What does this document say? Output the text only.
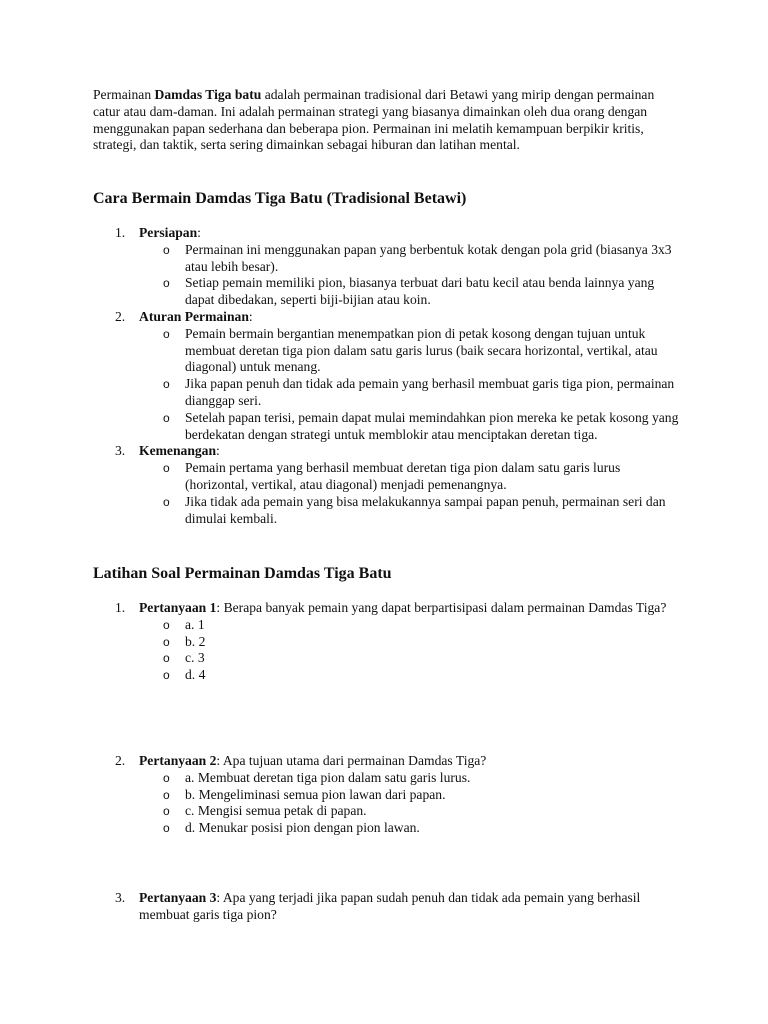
Permainan Damdas Tiga batu adalah permainan tradisional dari Betawi yang mirip dengan permainan catur atau dam-daman. Ini adalah permainan strategi yang biasanya dimainkan oleh dua orang dengan menggunakan papan sederhana dan beberapa pion. Permainan ini melatih kemampuan berpikir kritis, strategi, dan taktik, serta sering dimainkan sebagai hiburan dan latihan mental.

Cara Bermain Damdas Tiga Batu (Tradisional Betawi)
1. Persiapan:
o Permainan ini menggunakan papan yang berbentuk kotak dengan pola grid (biasanya 3x3 atau lebih besar).
o Setiap pemain memiliki pion, biasanya terbuat dari batu kecil atau benda lainnya yang dapat dibedakan, seperti biji-bijian atau koin.
2. Aturan Permainan:
o Pemain bermain bergantian menempatkan pion di petak kosong dengan tujuan untuk membuat deretan tiga pion dalam satu garis lurus (baik secara horizontal, vertikal, atau diagonal) untuk menang.
o Jika papan penuh dan tidak ada pemain yang berhasil membuat garis tiga pion, permainan dianggap seri.
o Setelah papan terisi, pemain dapat mulai memindahkan pion mereka ke petak kosong yang berdekatan dengan strategi untuk memblokir atau menciptakan deretan tiga.
3. Kemenangan:
o Pemain pertama yang berhasil membuat deretan tiga pion dalam satu garis lurus (horizontal, vertikal, atau diagonal) menjadi pemenangnya.
o Jika tidak ada pemain yang bisa melakukannya sampai papan penuh, permainan seri dan dimulai kembali.
Latihan Soal Permainan Damdas Tiga Batu
1. Pertanyaan 1: Berapa banyak pemain yang dapat berpartisipasi dalam permainan Damdas Tiga?
o a. 1
o b. 2
o c. 3
o d. 4
2. Pertanyaan 2: Apa tujuan utama dari permainan Damdas Tiga?
o a. Membuat deretan tiga pion dalam satu garis lurus.
o b. Mengeliminasi semua pion lawan dari papan.
o c. Mengisi semua petak di papan.
o d. Menukar posisi pion dengan pion lawan.
3. Pertanyaan 3: Apa yang terjadi jika papan sudah penuh dan tidak ada pemain yang berhasil membuat garis tiga pion?
